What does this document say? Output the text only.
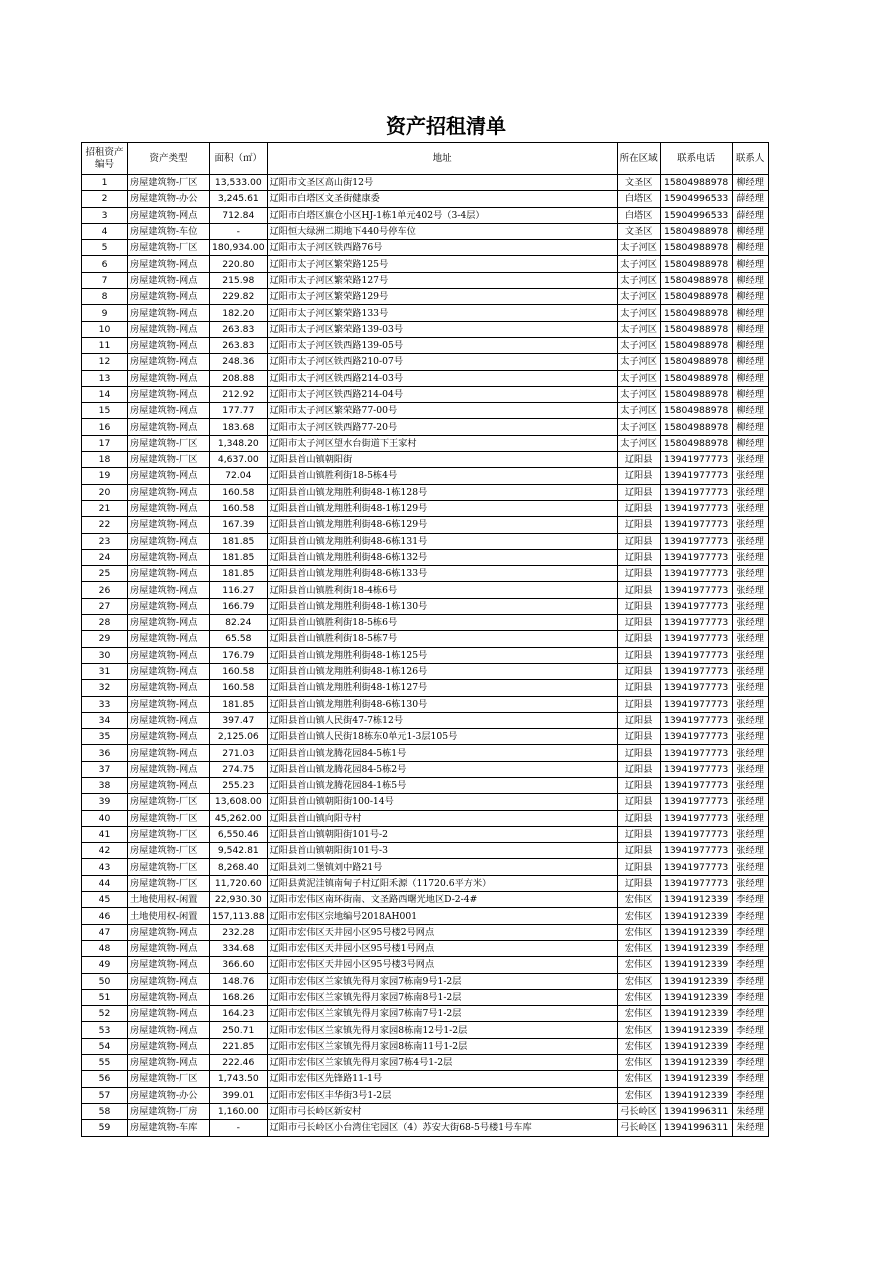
资产招租清单
招租资产编号	资产类型	面积（㎡）	地址	所在区域	联系电话	联系人
1	房屋建筑物-厂区	13,533.00	辽阳市文圣区高山街12号	文圣区	15804988978	柳经理
2	房屋建筑物-办公	3,245.61	辽阳市白塔区文圣街健康委	白塔区	15904996533	薛经理
3	房屋建筑物-网点	712.84	辽阳市白塔区旗仓小区HJ-1栋1单元402号（3-4层）	白塔区	15904996533	薛经理
4	房屋建筑物-车位	-	辽阳恒大绿洲二期地下440号停车位	文圣区	15804988978	柳经理
5	房屋建筑物-厂区	180,934.00	辽阳市太子河区铁西路76号	太子河区	15804988978	柳经理
6	房屋建筑物-网点	220.80	辽阳市太子河区繁荣路125号	太子河区	15804988978	柳经理
7	房屋建筑物-网点	215.98	辽阳市太子河区繁荣路127号	太子河区	15804988978	柳经理
8	房屋建筑物-网点	229.82	辽阳市太子河区繁荣路129号	太子河区	15804988978	柳经理
9	房屋建筑物-网点	182.20	辽阳市太子河区繁荣路133号	太子河区	15804988978	柳经理
10	房屋建筑物-网点	263.83	辽阳市太子河区繁荣路139-03号	太子河区	15804988978	柳经理
11	房屋建筑物-网点	263.83	辽阳市太子河区铁西路139-05号	太子河区	15804988978	柳经理
12	房屋建筑物-网点	248.36	辽阳市太子河区铁西路210-07号	太子河区	15804988978	柳经理
13	房屋建筑物-网点	208.88	辽阳市太子河区铁西路214-03号	太子河区	15804988978	柳经理
14	房屋建筑物-网点	212.92	辽阳市太子河区铁西路214-04号	太子河区	15804988978	柳经理
15	房屋建筑物-网点	177.77	辽阳市太子河区繁荣路77-00号	太子河区	15804988978	柳经理
16	房屋建筑物-网点	183.68	辽阳市太子河区铁西路77-20号	太子河区	15804988978	柳经理
17	房屋建筑物-厂区	1,348.20	辽阳市太子河区望水台街道下王家村	太子河区	15804988978	柳经理
18	房屋建筑物-厂区	4,637.00	辽阳县首山镇朝阳街	辽阳县	13941977773	张经理
19	房屋建筑物-网点	72.04	辽阳县首山镇胜利街18-5栋4号	辽阳县	13941977773	张经理
20	房屋建筑物-网点	160.58	辽阳县首山镇龙翔胜利街48-1栋128号	辽阳县	13941977773	张经理
21	房屋建筑物-网点	160.58	辽阳县首山镇龙翔胜利街48-1栋129号	辽阳县	13941977773	张经理
22	房屋建筑物-网点	167.39	辽阳县首山镇龙翔胜利街48-6栋129号	辽阳县	13941977773	张经理
23	房屋建筑物-网点	181.85	辽阳县首山镇龙翔胜利街48-6栋131号	辽阳县	13941977773	张经理
24	房屋建筑物-网点	181.85	辽阳县首山镇龙翔胜利街48-6栋132号	辽阳县	13941977773	张经理
25	房屋建筑物-网点	181.85	辽阳县首山镇龙翔胜利街48-6栋133号	辽阳县	13941977773	张经理
26	房屋建筑物-网点	116.27	辽阳县首山镇胜利街18-4栋6号	辽阳县	13941977773	张经理
27	房屋建筑物-网点	166.79	辽阳县首山镇龙翔胜利街48-1栋130号	辽阳县	13941977773	张经理
28	房屋建筑物-网点	82.24	辽阳县首山镇胜利街18-5栋6号	辽阳县	13941977773	张经理
29	房屋建筑物-网点	65.58	辽阳县首山镇胜利街18-5栋7号	辽阳县	13941977773	张经理
30	房屋建筑物-网点	176.79	辽阳县首山镇龙翔胜利街48-1栋125号	辽阳县	13941977773	张经理
31	房屋建筑物-网点	160.58	辽阳县首山镇龙翔胜利街48-1栋126号	辽阳县	13941977773	张经理
32	房屋建筑物-网点	160.58	辽阳县首山镇龙翔胜利街48-1栋127号	辽阳县	13941977773	张经理
33	房屋建筑物-网点	181.85	辽阳县首山镇龙翔胜利街48-6栋130号	辽阳县	13941977773	张经理
34	房屋建筑物-网点	397.47	辽阳县首山镇人民街47-7栋12号	辽阳县	13941977773	张经理
35	房屋建筑物-网点	2,125.06	辽阳县首山镇人民街18栋东0单元1-3层105号	辽阳县	13941977773	张经理
36	房屋建筑物-网点	271.03	辽阳县首山镇龙腾花园84-5栋1号	辽阳县	13941977773	张经理
37	房屋建筑物-网点	274.75	辽阳县首山镇龙腾花园84-5栋2号	辽阳县	13941977773	张经理
38	房屋建筑物-网点	255.23	辽阳县首山镇龙腾花园84-1栋5号	辽阳县	13941977773	张经理
39	房屋建筑物-厂区	13,608.00	辽阳县首山镇朝阳街100-14号	辽阳县	13941977773	张经理
40	房屋建筑物-厂区	45,262.00	辽阳县首山镇向阳寺村	辽阳县	13941977773	张经理
41	房屋建筑物-厂区	6,550.46	辽阳县首山镇朝阳街101号-2	辽阳县	13941977773	张经理
42	房屋建筑物-厂区	9,542.81	辽阳县首山镇朝阳街101号-3	辽阳县	13941977773	张经理
43	房屋建筑物-厂区	8,268.40	辽阳县刘二堡镇刘中路21号	辽阳县	13941977773	张经理
44	房屋建筑物-厂区	11,720.60	辽阳县黄泥洼镇南甸子村辽阳禾源（11720.6平方米）	辽阳县	13941977773	张经理
45	土地使用权-闲置	22,930.30	辽阳市宏伟区南环街南、文圣路西曙光地区D-2-4#	宏伟区	13941912339	李经理
46	土地使用权-闲置	157,113.88	辽阳市宏伟区宗地编号2018AH001	宏伟区	13941912339	李经理
47	房屋建筑物-网点	232.28	辽阳市宏伟区天井园小区95号楼2号网点	宏伟区	13941912339	李经理
48	房屋建筑物-网点	334.68	辽阳市宏伟区天井园小区95号楼1号网点	宏伟区	13941912339	李经理
49	房屋建筑物-网点	366.60	辽阳市宏伟区天井园小区95号楼3号网点	宏伟区	13941912339	李经理
50	房屋建筑物-网点	148.76	辽阳市宏伟区兰家镇先得月家园7栋南9号1-2层	宏伟区	13941912339	李经理
51	房屋建筑物-网点	168.26	辽阳市宏伟区兰家镇先得月家园7栋南8号1-2层	宏伟区	13941912339	李经理
52	房屋建筑物-网点	164.23	辽阳市宏伟区兰家镇先得月家园7栋南7号1-2层	宏伟区	13941912339	李经理
53	房屋建筑物-网点	250.71	辽阳市宏伟区兰家镇先得月家园8栋南12号1-2层	宏伟区	13941912339	李经理
54	房屋建筑物-网点	221.85	辽阳市宏伟区兰家镇先得月家园8栋南11号1-2层	宏伟区	13941912339	李经理
55	房屋建筑物-网点	222.46	辽阳市宏伟区兰家镇先得月家园7栋4号1-2层	宏伟区	13941912339	李经理
56	房屋建筑物-厂区	1,743.50	辽阳市宏伟区先锋路11-1号	宏伟区	13941912339	李经理
57	房屋建筑物-办公	399.01	辽阳市宏伟区丰华街3号1-2层	宏伟区	13941912339	李经理
58	房屋建筑物-厂房	1,160.00	辽阳市弓长岭区新安村	弓长岭区	13941996311	朱经理
59	房屋建筑物-车库	-	辽阳市弓长岭区小台湾住宅园区（4）苏安大街68-5号楼1号车库	弓长岭区	13941996311	朱经理
